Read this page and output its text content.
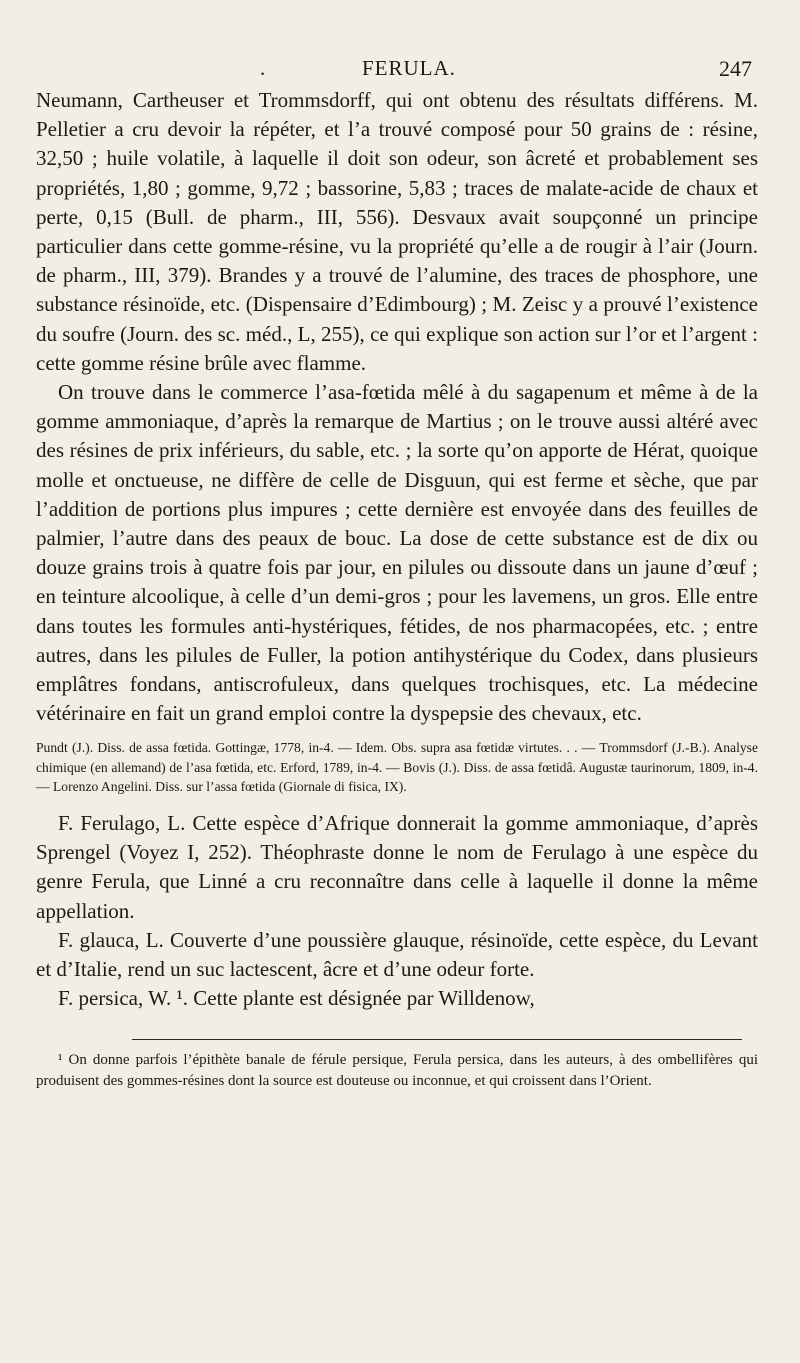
.	FERULA.	247

Neumann, Cartheuser et Trommsdorff, qui ont obtenu des résultats différens. M. Pelletier a cru devoir la répéter, et l’a trouvé composé pour 50 grains de : résine, 32,50 ; huile volatile, à laquelle il doit son odeur, son âcreté et probablement ses propriétés, 1,80 ; gomme, 9,72 ; bassorine, 5,83 ; traces de malate-acide de chaux et perte, 0,15 (Bull. de pharm., III, 556). Desvaux avait soupçonné un principe particulier dans cette gomme-résine, vu la propriété qu’elle a de rougir à l’air (Journ. de pharm., III, 379). Brandes y a trouvé de l’alumine, des traces de phosphore, une substance résinoïde, etc. (Dispensaire d’Edimbourg) ; M. Zeisc y a prouvé l’existence du soufre (Journ. des sc. méd., L, 255), ce qui explique son action sur l’or et l’argent : cette gomme résine brûle avec flamme.

On trouve dans le commerce l’asa-fœtida mêlé à du sagapenum et même à de la gomme ammoniaque, d’après la remarque de Martius ; on le trouve aussi altéré avec des résines de prix inférieurs, du sable, etc. ; la sorte qu’on apporte de Hérat, quoique molle et onctueuse, ne diffère de celle de Disguun, qui est ferme et sèche, que par l’addition de portions plus impures ; cette dernière est envoyée dans des feuilles de palmier, l’autre dans des peaux de bouc. La dose de cette substance est de dix ou douze grains trois à quatre fois par jour, en pilules ou dissoute dans un jaune d’œuf ; en teinture alcoolique, à celle d’un demi-gros ; pour les lavemens, un gros. Elle entre dans toutes les formules anti-hystériques, fétides, de nos pharmacopées, etc. ; entre autres, dans les pilules de Fuller, la potion antihystérique du Codex, dans plusieurs emplâtres fondans, antiscrofuleux, dans quelques trochisques, etc. La médecine vétérinaire en fait un grand emploi contre la dyspepsie des chevaux, etc.

Pundt (J.). Diss. de assa fœtida. Gottingæ, 1778, in-4. — Idem. Obs. supra asa fœtidæ virtutes. . . — Trommsdorf (J.-B.). Analyse chimique (en allemand) de l’asa fœtida, etc. Erford, 1789, in-4. — Bovis (J.). Diss. de assa fœtidâ. Augustæ taurinorum, 1809, in-4. — Lorenzo Angelini. Diss. sur l’assa fœtida (Giornale di fisica, IX).

F. Ferulago, L. Cette espèce d’Afrique donnerait la gomme ammoniaque, d’après Sprengel (Voyez I, 252). Théophraste donne le nom de Ferulago à une espèce du genre Ferula, que Linné a cru reconnaître dans celle à laquelle il donne la même appellation.

F. glauca, L. Couverte d’une poussière glauque, résinoïde, cette espèce, du Levant et d’Italie, rend un suc lactescent, âcre et d’une odeur forte.

F. persica, W. ¹. Cette plante est désignée par Willdenow,

¹ On donne parfois l’épithète banale de férule persique, Ferula persica, dans les auteurs, à des ombellifères qui produisent des gommes-résines dont la source est douteuse ou inconnue, et qui croissent dans l’Orient.
